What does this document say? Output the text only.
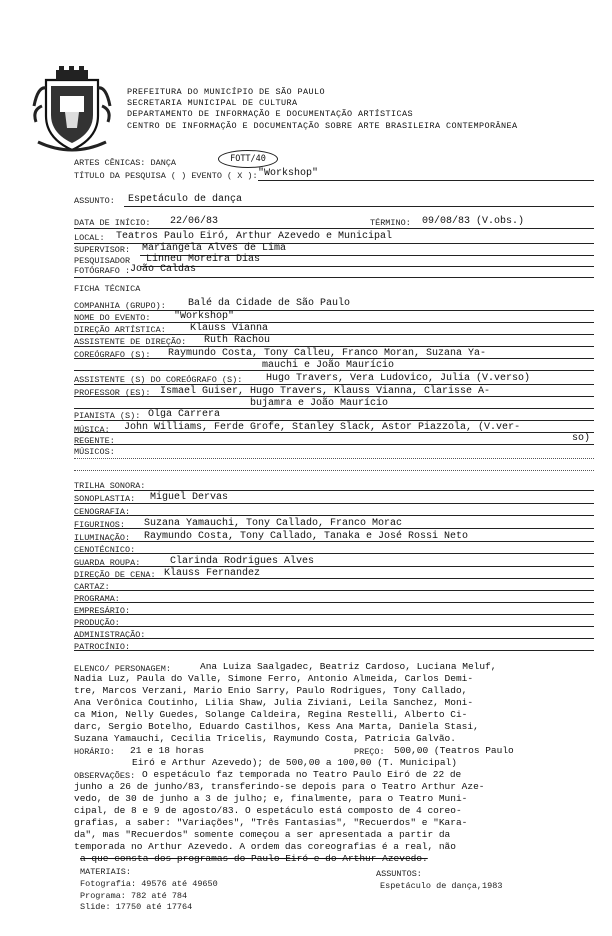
PREFEITURA DO MUNICÍPIO DE SÃO PAULO
SECRETARIA MUNICIPAL DE CULTURA
DEPARTAMENTO DE INFORMAÇÃO E DOCUMENTAÇÃO ARTÍSTICAS
CENTRO DE INFORMAÇÃO E DOCUMENTAÇÃO SOBRE ARTE BRASILEIRA CONTEMPORÂNEA
ARTES CÊNICAS: DANÇA	FOTT/40
TÍTULO DA PESQUISA ( ) EVENTO ( X ): "Workshop"
ASSUNTO: Espetáculo de dança
DATA DE INÍCIO: 22/06/83	TÉRMINO: 09/08/83 (V.obs.)
LOCAL: Teatros Paulo Eiró, Arthur Azevedo e Municipal
SUPERVISOR: Mariangela Alves de Lima
PESQUISADOR Linneu Moreira Dias
FOTÓGRAFO : João Caldas
FICHA TÉCNICA
COMPANHIA (GRUPO): Balé da Cidade de São Paulo
NOME DO EVENTO: "Workshop"
DIREÇÃO ARTÍSTICA: Klauss Vianna
ASSISTENTE DE DIREÇÃO: Ruth Rachou
COREÓGRAFO (S): Raymundo Costa, Tony Calleu, Franco Moran, Suzana Ya-
mauchi e João Maurício
ASSISTENTE (S) DO COREÓGRAFO (S): Hugo Travers, Vera Ludovico, Julia (V.verso)
PROFESSOR (ES): Ismael Guiser, Hugo Travers, Klauss Vianna, Clarisse A-
bujamra e João Maurício
PIANISTA (S): Olga Carrera
MÚSICA: John Williams, Ferde Grofe, Stanley Slack, Astor Piazzola, (V.ver-
REGENTE:	so)
MÚSICOS:
TRILHA SONORA:
SONOPLASTIA: Miguel Dervas
CENOGRAFIA:
FIGURINOS: Suzana Yamauchi, Tony Callado, Franco Morac
ILUMINAÇÃO: Raymundo Costa, Tony Callado, Tanaka e José Rossi Neto
CENOTÉCNICO:
GUARDA ROUPA:	Clarinda Rodrigues Alves
DIREÇÃO DE CENA: Klauss Fernandez
CARTAZ:
PROGRAMA:
EMPRESÁRIO:
PRODUÇÃO:
ADMINISTRAÇÃO:
PATROCÍNIO:
ELENCO/ PERSONAGEM:	Ana Luiza Saalgadec, Beatriz Cardoso, Luciana Meluf,
Nadia Luz, Paula do Valle, Simone Ferro, Antonio Almeida, Carlos Demi-
tre, Marcos Verzani, Mario Enio Sarry, Paulo Rodrigues, Tony Callado,
Ana Verônica Coutinho, Lilia Shaw, Julia Ziviani, Leila Sanchez, Moni-
ca Mion, Nelly Guedes, Solange Caldeira, Regina Restelli, Alberto Ci-
darc, Sergio Botelho, Eduardo Castilhos, Kess Ana Marta, Daniela Stasi,
Suzana Yamauchi, Cecilia Tricelis, Raymundo Costa, Patricia Galvão.
HORÁRIO: 21 e 18 horas	PREÇO: 500,00 (Teatros Paulo
Eiró e Arthur Azevedo); de 500,00 a 100,00 (T. Municipal)
OBSERVAÇÕES: O espetáculo faz temporada no Teatro Paulo Eiró de 22 de
junho a 26 de junho/83, transferindo-se depois para o Teatro Arthur Aze-
vedo, de 30 de junho a 3 de julho; e, finalmente, para o Teatro Muni-
cipal, de 8 e 9 de agosto/83. O espetáculo está composto de 4 coreo-
grafias, a saber: "Variações", "Três Fantasias", "Recuerdos" e "Kara-
da", mas "Recuerdos" somente começou a ser apresentada a partir da
temporada no Arthur Azevedo. A ordem das coreografias é a real, não
a que consta dos programas do Paulo Eiró e do Arthur Azevedo.
MATERIAIS:
Fotografia: 49576 até 49650
Programa: 782 até 784
Slide: 17750 até 17764
ASSUNTOS:
Espetáculo de dança,1983
